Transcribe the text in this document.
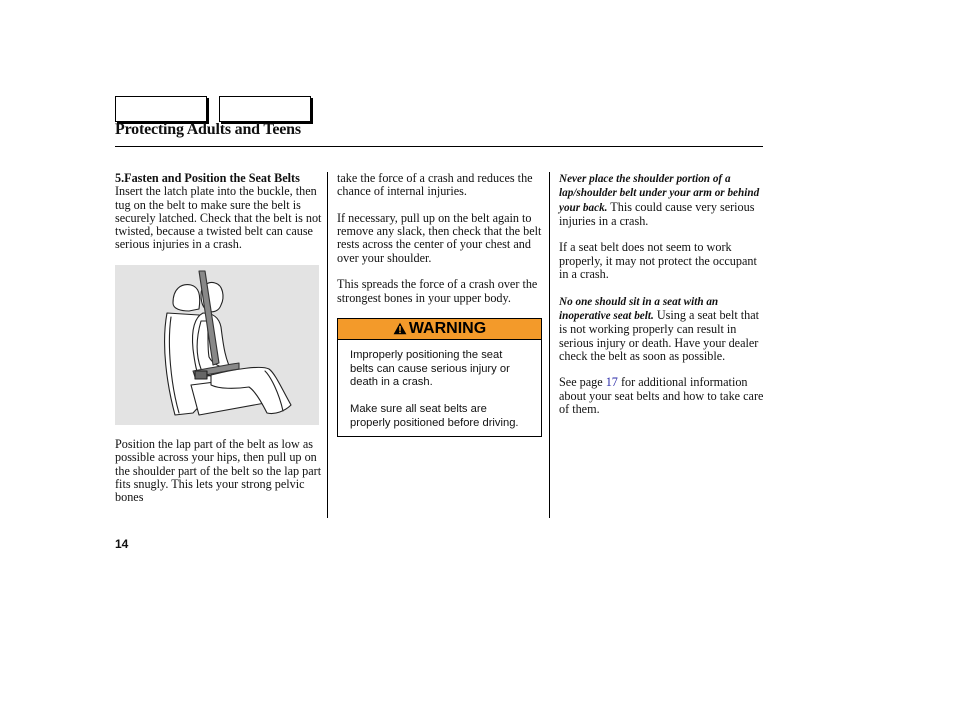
Protecting Adults and Teens

5.Fasten and Position the Seat Belts

Insert the latch plate into the buckle, then tug on the belt to make sure the belt is securely latched. Check that the belt is not twisted, because a twisted belt can cause serious injuries in a crash.

Position the lap part of the belt as low as possible across your hips, then pull up on the shoulder part of the belt so the lap part fits snugly. This lets your strong pelvic bones

take the force of a crash and reduces the chance of internal injuries.

If necessary, pull up on the belt again to remove any slack, then check that the belt rests across the center of your chest and over your shoulder.

This spreads the force of a crash over the strongest bones in your upper body.

WARNING

Improperly positioning the seat belts can cause serious injury or death in a crash.

Make sure all seat belts are properly positioned before driving.

Never place the shoulder portion of a lap/shoulder belt under your arm or behind your back. This could cause very serious injuries in a crash.

If a seat belt does not seem to work properly, it may not protect the occupant in a crash.

No one should sit in a seat with an inoperative seat belt. Using a seat belt that is not working properly can result in serious injury or death. Have your dealer check the belt as soon as possible.

See page 17 for additional information about your seat belts and how to take care of them.

14
